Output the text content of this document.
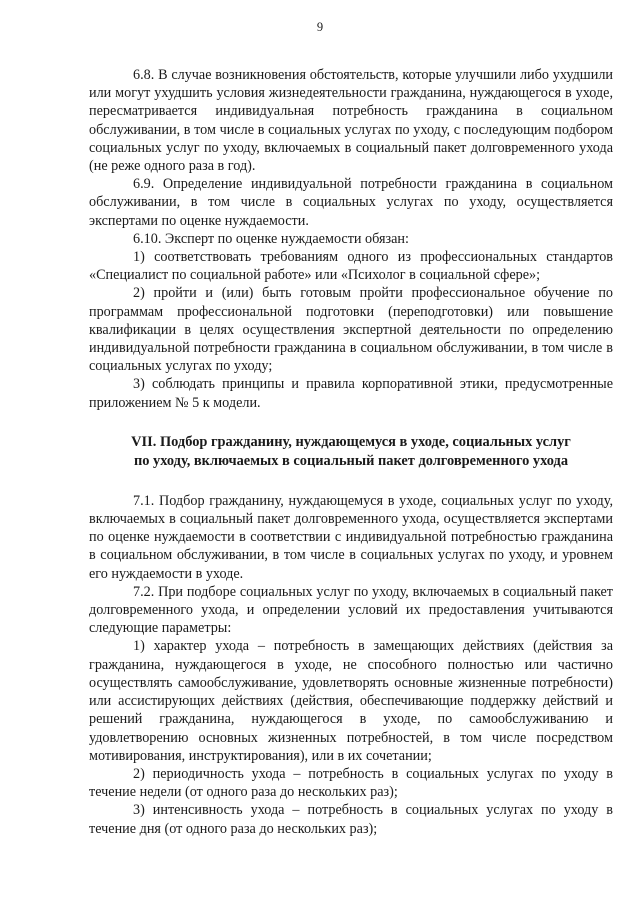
9

6.8. В случае возникновения обстоятельств, которые улучшили либо ухудшили или могут ухудшить условия жизнедеятельности гражданина, нуждающегося в уходе, пересматривается индивидуальная потребность гражданина в социальном обслуживании, в том числе в социальных услугах по уходу, с последующим подбором социальных услуг по уходу, включаемых в социальный пакет долговременного ухода (не реже одного раза в год).

6.9. Определение индивидуальной потребности гражданина в социальном обслуживании, в том числе в социальных услугах по уходу, осуществляется экспертами по оценке нуждаемости.

6.10. Эксперт по оценке нуждаемости обязан:

1) соответствовать требованиям одного из профессиональных стандартов «Специалист по социальной работе» или «Психолог в социальной сфере»;

2) пройти и (или) быть готовым пройти профессиональное обучение по программам профессиональной подготовки (переподготовки) или повышение квалификации в целях осуществления экспертной деятельности по определению индивидуальной потребности гражданина в социальном обслуживании, в том числе в социальных услугах по уходу;

3) соблюдать принципы и правила корпоративной этики, предусмотренные приложением № 5 к модели.

VII. Подбор гражданину, нуждающемуся в уходе, социальных услуг
по уходу, включаемых в социальный пакет долговременного ухода

7.1. Подбор гражданину, нуждающемуся в уходе, социальных услуг по уходу, включаемых в социальный пакет долговременного ухода, осуществляется экспертами по оценке нуждаемости в соответствии с индивидуальной потребностью гражданина в социальном обслуживании, в том числе в социальных услугах по уходу, и уровнем его нуждаемости в уходе.

7.2. При подборе социальных услуг по уходу, включаемых в социальный пакет долговременного ухода, и определении условий их предоставления учитываются следующие параметры:

1) характер ухода – потребность в замещающих действиях (действия за гражданина, нуждающегося в уходе, не способного полностью или частично осуществлять самообслуживание, удовлетворять основные жизненные потребности) или ассистирующих действиях (действия, обеспечивающие поддержку действий и решений гражданина, нуждающегося в уходе, по самообслуживанию и удовлетворению основных жизненных потребностей, в том числе посредством мотивирования, инструктирования), или в их сочетании;

2) периодичность ухода – потребность в социальных услугах по уходу в течение недели (от одного раза до нескольких раз);

3) интенсивность ухода – потребность в социальных услугах по уходу в течение дня (от одного раза до нескольких раз);
